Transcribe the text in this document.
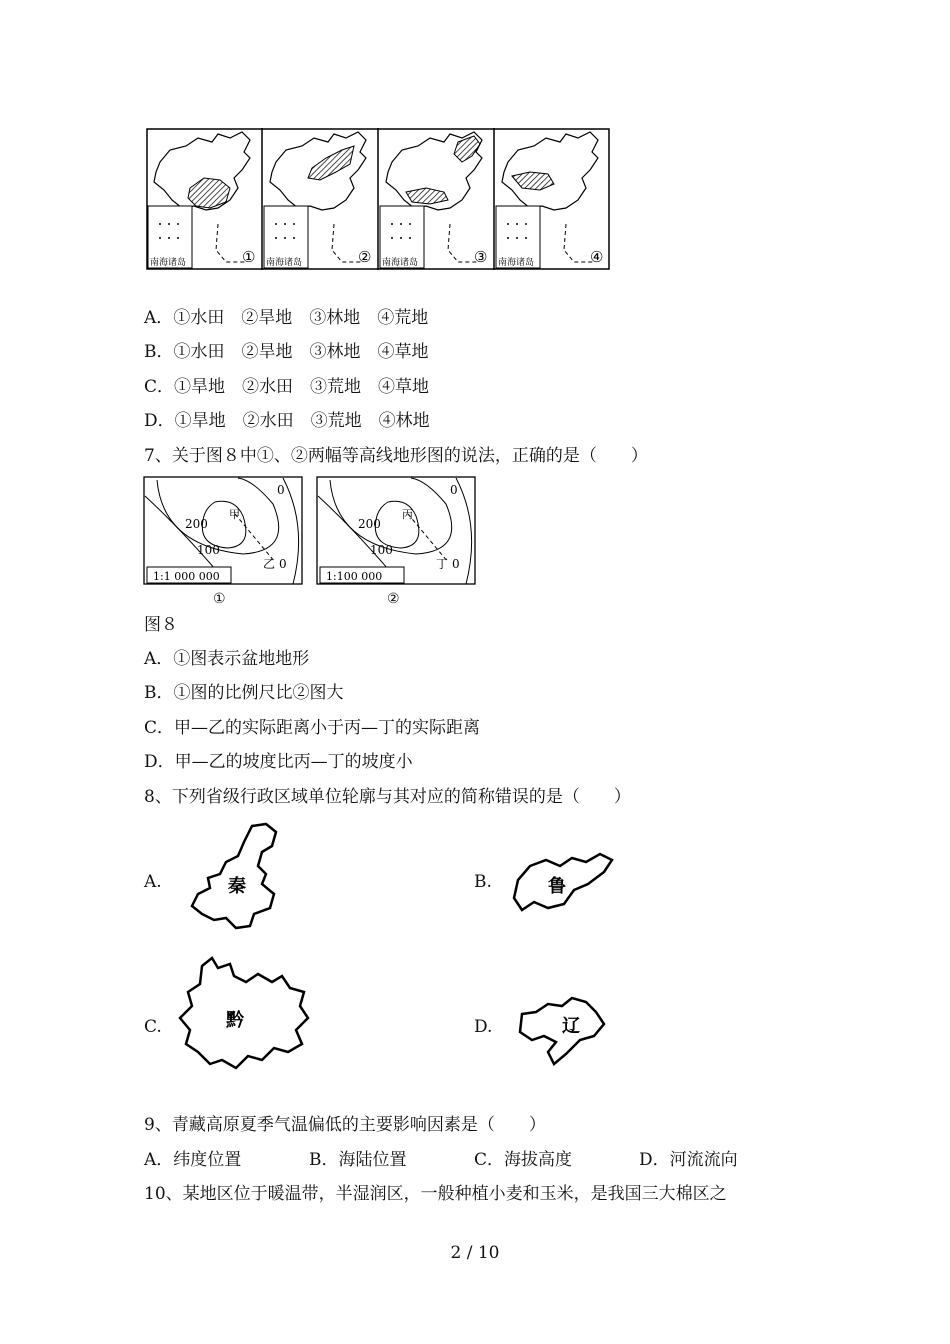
南海诸岛	① 南海诸岛	② 南海诸岛	③ 南海诸岛	④
A．①水田　②旱地　③林地　④荒地
B．①水田　②旱地　③林地　④草地
C．①旱地　②水田　③荒地　④草地
D．①旱地　②水田　③荒地　④林地
7、关于图８中①、②两幅等高线地形图的说法，正确的是（　　）
0
200
100
甲
乙 0
1:1 000 000
①
0
200
100
丙
丁 0
1:100 000
②
图８
A．①图表示盆地地形
B．①图的比例尺比②图大
C．甲—乙的实际距离小于丙—丁的实际距离
D．甲—乙的坡度比丙—丁的坡度小
8、下列省级行政区域单位轮廓与其对应的简称错误的是（　　）
A.	秦	B.	鲁
C.	黔	D.	辽
9、青藏高原夏季气温偏低的主要影响因素是（　　）
A．纬度位置	B．海陆位置	C．海拔高度	D．河流流向
10、某地区位于暖温带，半湿润区，一般种植小麦和玉米，是我国三大棉区之
2 / 10
